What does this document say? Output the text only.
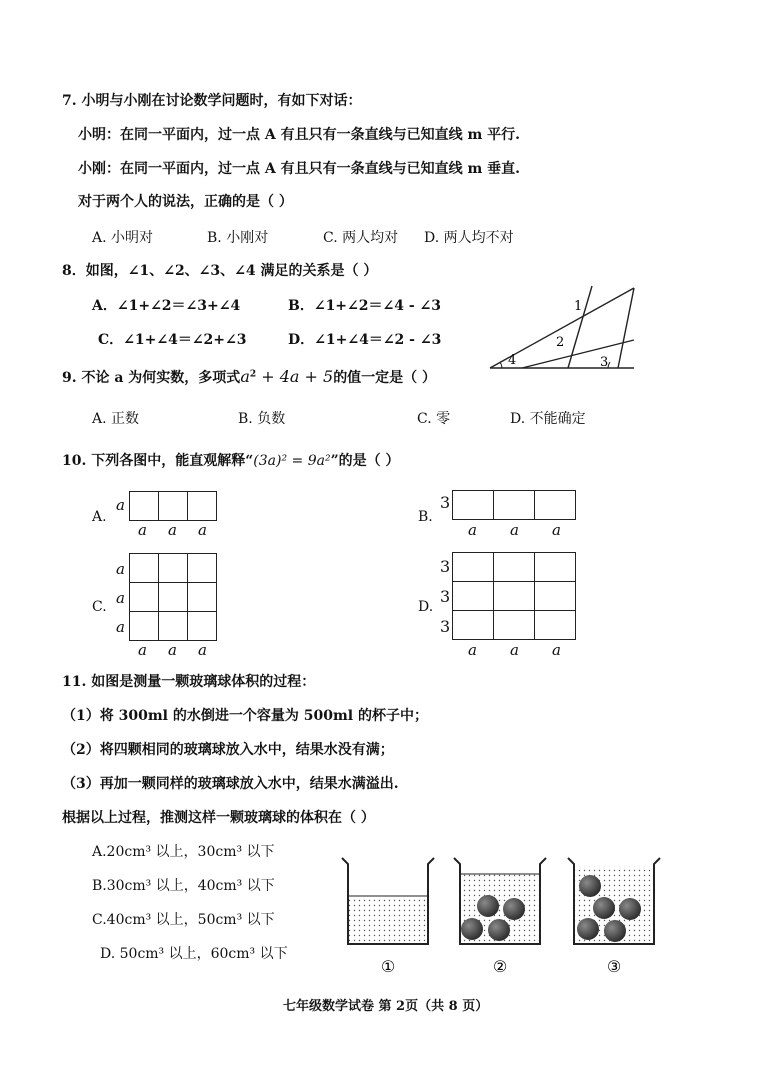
7. 小明与小刚在讨论数学问题时，有如下对话：
小明：在同一平面内，过一点 A 有且只有一条直线与已知直线 m 平行.
小刚：在同一平面内，过一点 A 有且只有一条直线与已知直线 m 垂直.
对于两个人的说法，正确的是（ ）
A. 小明对	B. 小刚对	C. 两人均对 D. 两人均不对
8．如图，∠1、∠2、∠3、∠4 满足的关系是（ ）
A．∠1+∠2＝∠3+∠4	B．∠1+∠2＝∠4 - ∠3
C．∠1+∠4＝∠2+∠3	D．∠1+∠4＝∠2 - ∠3
1
2
3
4
9. 不论 a 为何实数，多项式$a^2 + 4a + 5$的值一定是（ ）
A. 正数	B. 负数	C. 零	D. 不能确定
10. 下列各图中，能直观解释“(3a)² = 9a²”的是（ ）
A.
a

a a a
B.
3

a a a
C.
a
a
a

a a a
D.
3
3
3

a a a
11. 如图是测量一颗玻璃球体积的过程：
（1）将 300ml 的水倒进一个容量为 500ml 的杯子中；
（2）将四颗相同的玻璃球放入水中，结果水没有满；
（3）再加一颗同样的玻璃球放入水中，结果水满溢出.
根据以上过程，推测这样一颗玻璃球的体积在（ ）
A.20cm³ 以上，30cm³ 以下
B.30cm³ 以上，40cm³ 以下
C.40cm³ 以上，50cm³ 以下
D. 50cm³ 以上，60cm³ 以下
①	②	③
七年级数学试卷 第 2页（共 8 页）
